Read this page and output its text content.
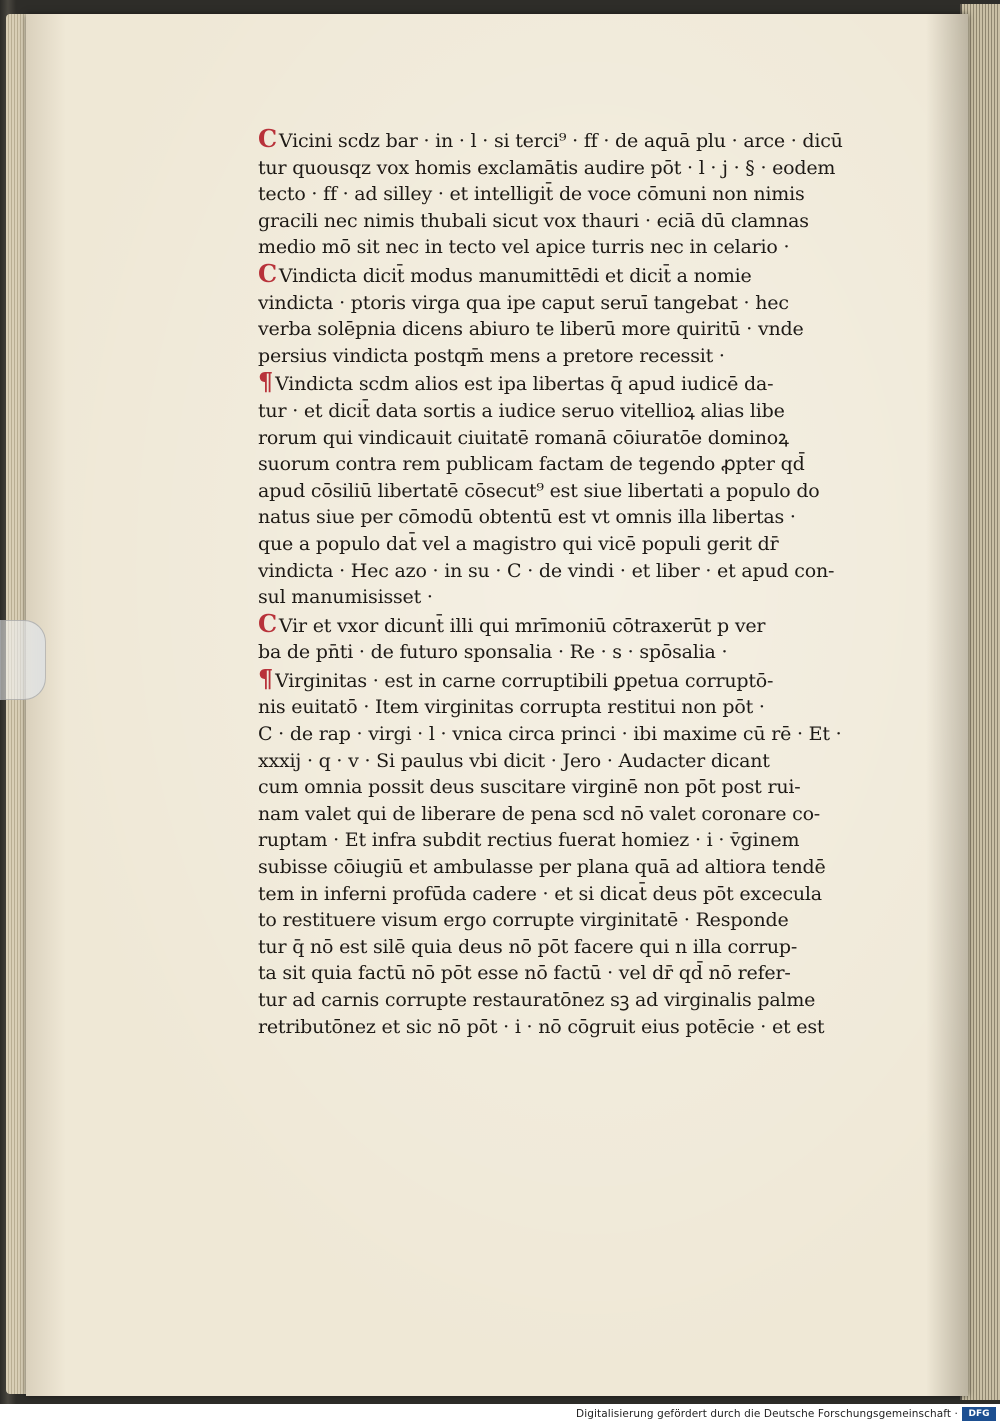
C Vicini scdz bar · in · l · si terci⁹ · ff · de aquā plu · arce · dicū
tur quousqz vox homis exclamātis audire pōt · l · j · § · eodem
tecto · ff · ad silley · et intelligit̄ de voce cōmuni non nimis
gracili nec nimis thubali sicut vox thauri · eciā dū clamnas
medio mō sit nec in tecto vel apice turris nec in celario ·
C Vindicta dicit̄ modus manumittēdi et dicit̄ a nomie
vindicta · ptoris virga qua ipe caput seruī tangebat · hec
verba solēpnia dicens abiuro te liberū more quiritū · vnde
persius vindicta postqm̄ mens a pretore recessit ·
¶ Vindicta scdm alios est ipa libertas q̄ apud iudicē da-
tur · et dicit̄ data sortis a iudice seruo vitellioꝝ alias libe
rorum qui vindicauit ciuitatē romanā cōiuratōe dominoꝝ
suorum contra rem publicam factam de tegendo ꝓpter qd̄
apud cōsiliū libertatē cōsecut⁹ est siue libertati a populo do
natus siue per cōmodū obtentū est vt omnis illa libertas ·
que a populo dat̄ vel a magistro qui vicē populi gerit dr̄
vindicta · Hec azo · in su · C · de vindi · et liber · et apud con-
sul manumisisset ·
C Vir et vxor dicunt̄ illi qui mrīmoniū cōtraxerūt p ver
ba de pn̄ti · de futuro sponsalia · Re · s · spōsalia ·
¶ Virginitas · est in carne corruptibili ꝑpetua corruptō-
nis euitatō · Item virginitas corrupta restitui non pōt ·
C · de rap · virgi · l · vnica circa princi · ibi maxime cū rē · Et ·
xxxij · q · v · Si paulus vbi dicit · Jero · Audacter dicant
cum omnia possit deus suscitare virginē non pōt post rui-
nam valet qui de liberare de pena scd nō valet coronare co-
ruptam · Et infra subdit rectius fuerat homiez · i · v̄ginem
subisse cōiugiū et ambulasse per plana quā ad altiora tendē
tem in inferni profūda cadere · et si dicat̄ deus pōt excecula
to restituere visum ergo corrupte virginitatē · Responde
tur q̄ nō est silē quia deus nō pōt facere qui n illa corrup-
ta sit quia factū nō pōt esse nō factū · vel dr̄ qd̄ nō refer-
tur ad carnis corrupte restauratōnez sꝫ ad virginalis palme
retributōnez et sic nō pōt · i · nō cōgruit eius potēcie · et est
Digitalisierung gefördert durch die Deutsche Forschungsgemeinschaft ·	DFG
